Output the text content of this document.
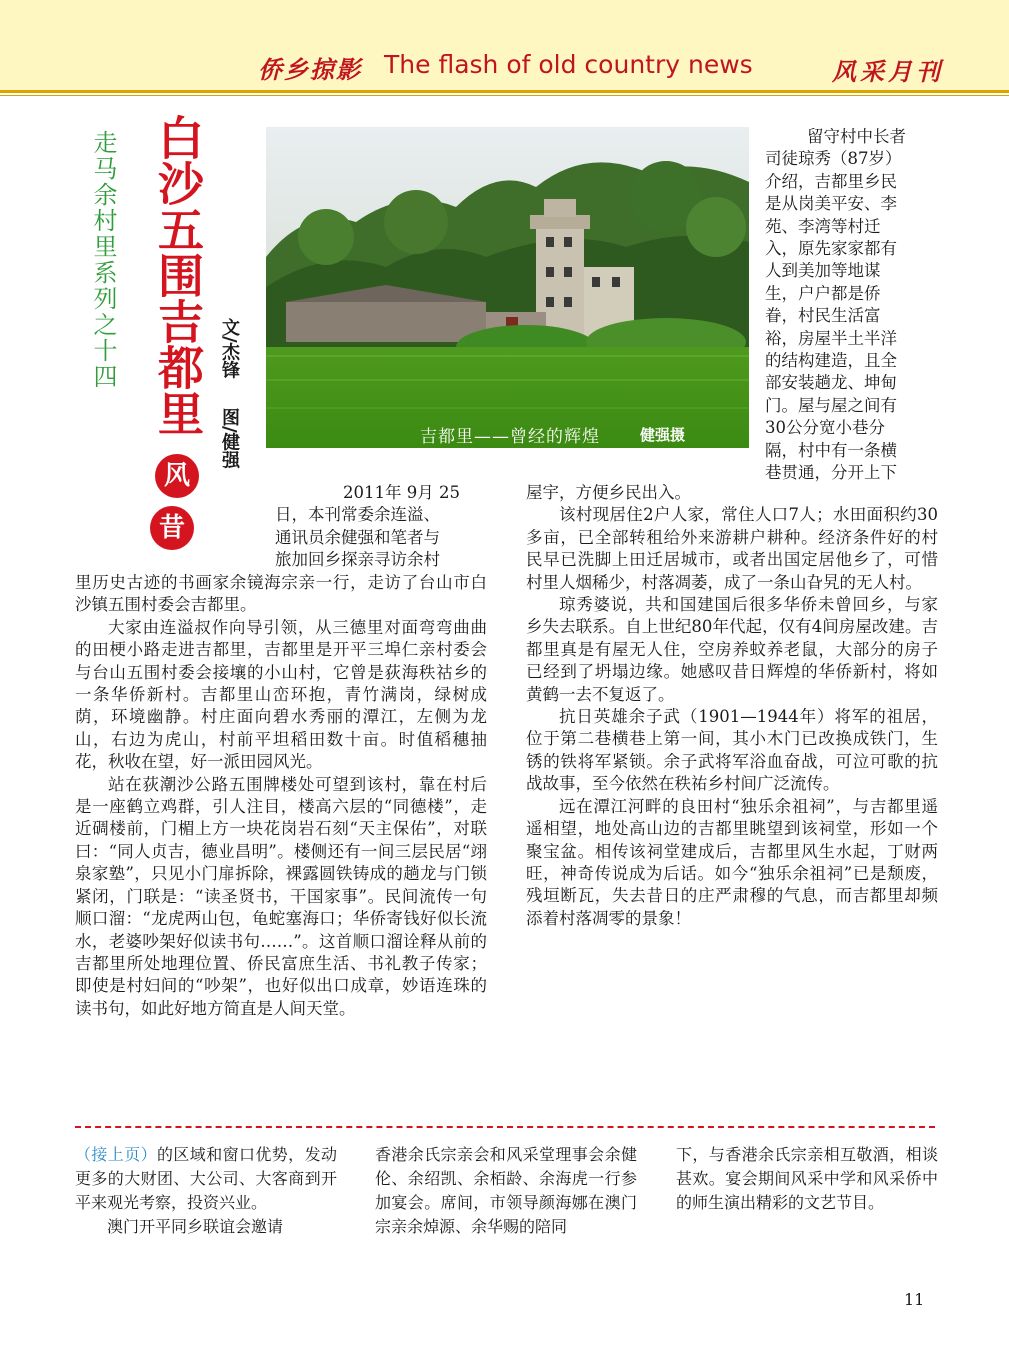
侨乡掠影 The flash of old country news	风采月刊
走马余村里系列之十四 白沙五围吉都里
风
昔
文/杰锋
图/健强	吉都里——曾经的辉煌	健强摄

2011年 9月 25

日，本刊常委余连溢、

通讯员余健强和笔者与

旅加回乡探亲寻访余村

里历史古迹的书画家余镜海宗亲一行，走访了台山市白沙镇五围村委会吉都里。

大家由连溢叔作向导引领，从三德里对面弯弯曲曲的田梗小路走进吉都里，吉都里是开平三埠仁亲村委会与台山五围村委会接壤的小山村，它曾是荻海秩祜乡的一条华侨新村。吉都里山峦环抱，青竹满岗，绿树成荫，环境幽静。村庄面向碧水秀丽的潭江，左侧为龙山，右边为虎山，村前平坦稻田数十亩。时值稻穗抽花，秋收在望，好一派田园风光。

站在荻潮沙公路五围牌楼处可望到该村，靠在村后是一座鹤立鸡群，引人注目，楼高六层的“同德楼”，走近碉楼前，门楣上方一块花岗岩石刻“天主保佑”，对联曰：“同人贞吉，德业昌明”。楼侧还有一间三层民居“翊泉家塾”，只见小门扉拆除，裸露圆铁铸成的趟龙与门锁紧闭，门联是：“读圣贤书，干国家事”。民间流传一句顺口溜：“龙虎两山包，龟蛇塞海口；华侨寄钱好似长流水，老婆吵架好似读书句……”。这首顺口溜诠释从前的吉都里所处地理位置、侨民富庶生活、书礼教子传家；即使是村妇间的“吵架”，也好似出口成章，妙语连珠的读书句，如此好地方简直是人间天堂。

留守村中长者

司徒琼秀（87岁）

介绍，吉都里乡民

是从岗美平安、李

苑、李湾等村迁

入，原先家家都有

人到美加等地谋

生，户户都是侨

眷，村民生活富

裕，房屋半土半洋

的结构建造，且全

部安装趟龙、坤甸

门。屋与屋之间有

30公分宽小巷分

隔，村中有一条横

巷贯通，分开上下

屋宇，方便乡民出入。

该村现居住2户人家，常住人口7人；水田面积约30多亩，已全部转租给外来游耕户耕种。经济条件好的村民早已洗脚上田迁居城市，或者出国定居他乡了，可惜村里人烟稀少，村落凋萎，成了一条山旮旯的无人村。

琼秀婆说，共和国建国后很多华侨未曾回乡，与家乡失去联系。自上世纪80年代起，仅有4间房屋改建。吉都里真是有屋无人住，空房养蚊养老鼠，大部分的房子已经到了坍塌边缘。她感叹昔日辉煌的华侨新村，将如黄鹤一去不复返了。

抗日英雄余子武（1901—1944年）将军的祖居，位于第二巷横巷上第一间，其小木门已改换成铁门，生锈的铁将军紧锁。余子武将军浴血奋战，可泣可歌的抗战故事，至今依然在秩祐乡村间广泛流传。

远在潭江河畔的良田村“独乐余祖祠”，与吉都里遥遥相望，地处高山边的吉都里眺望到该祠堂，形如一个聚宝盆。相传该祠堂建成后，吉都里风生水起，丁财两旺，神奇传说成为后话。如今“独乐余祖祠”已是颓废，残垣断瓦，失去昔日的庄严肃穆的气息，而吉都里却频添着村落凋零的景象！

（接上页）的区域和窗口优势，发动更多的大财团、大公司、大客商到开平来观光考察，投资兴业。

澳门开平同乡联谊会邀请

香港余氏宗亲会和风采堂理事会余健伦、余绍凯、余栢龄、余海虎一行参加宴会。席间，市领导颜海娜在澳门宗亲余焯源、余华赐的陪同

下，与香港余氏宗亲相互敬酒，相谈甚欢。宴会期间风采中学和风采侨中的师生演出精彩的文艺节目。

11
